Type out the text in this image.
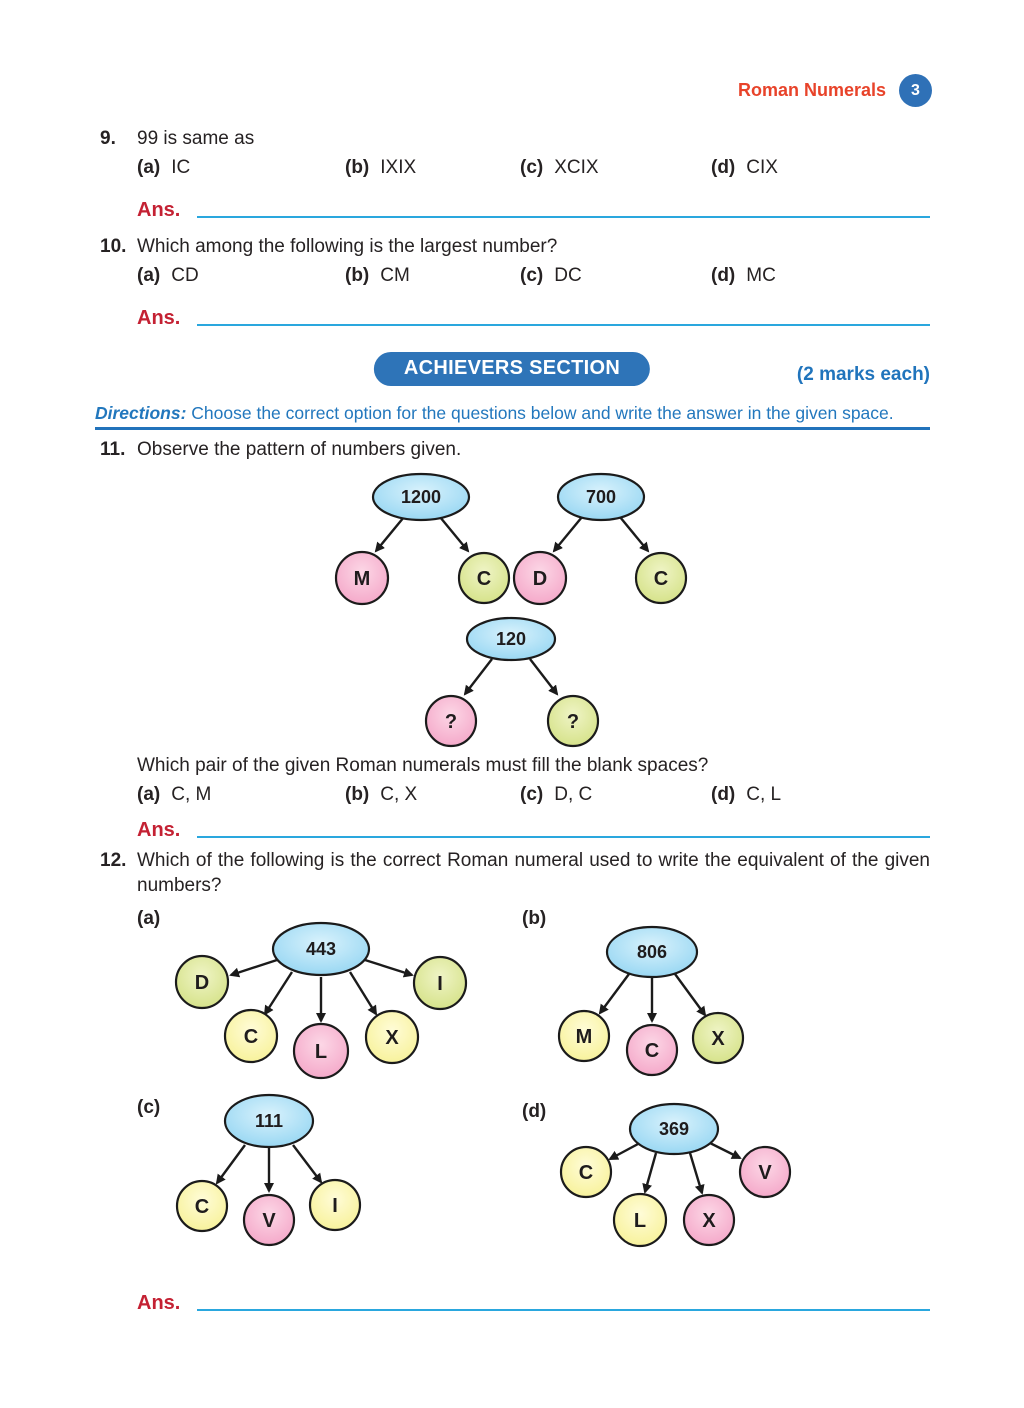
Roman Numerals	3
9.	99 is same as
(a) IC	(b) IXIX	(c) XCIX	(d) CIX
Ans.
10. Which among the following is the largest number?
(a) CD	(b) CM	(c) DC	(d) MC
Ans.
ACHIEVERS SECTION	(2 marks each)
Directions: Choose the correct option for the questions below and write the answer in the given space.
11. Observe the pattern of numbers given.
1200	700
M	C D	C
120
?	?
Which pair of the given Roman numerals must fill the blank spaces?
(a) C, M	(b) C, X	(c) D, C	(d) C, L
Ans.
12. Which of the following is the correct Roman numeral used to write the equivalent of the given numbers?
(a)
443
D
C
L
X
I
(b)
806
M
C
X
(c)
111
C
V
I
(d)
369
C
L	X
V
Ans.
